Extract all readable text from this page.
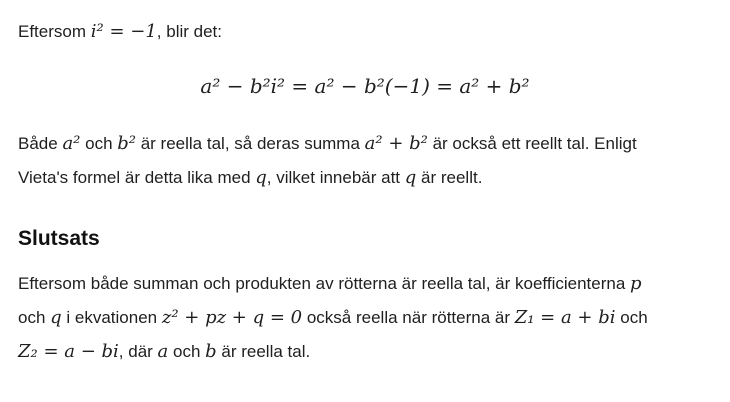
Eftersom i² = −1, blir det:
a² − b²i² = a² − b²(−1) = a² + b²
Både a² och b² är reella tal, så deras summa a² + b² är också ett reellt tal. Enligt
Vieta's formel är detta lika med q, vilket innebär att q är reellt.
Slutsats
Eftersom både summan och produkten av rötterna är reella tal, är koefficienterna p
och q i ekvationen z² + pz + q = 0 också reella när rötterna är Z₁ = a + bi och
Z₂ = a − bi, där a och b är reella tal.
